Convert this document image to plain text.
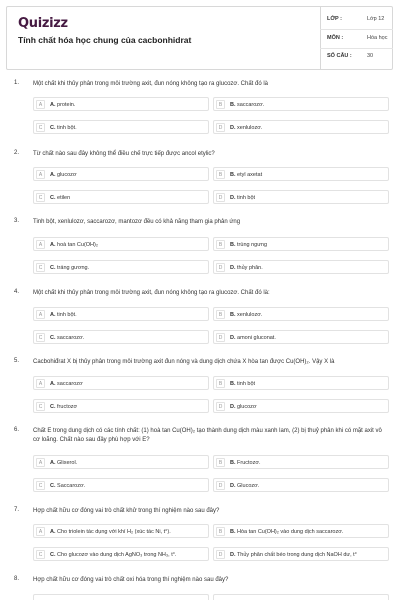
Quizizz
Tính chất hóa học chung của cacbonhidrat
LỚP :	Lớp 12
MÔN :	Hóa học
SỐ CÂU :	30
1. Một chất khi thủy phân trong môi trường axit, đun nóng không tạo ra glucozơ. Chất đó là
A	A. protein.	B	B. saccarozơ.
C	C. tinh bột.	D	D. xenlulozơ.
2. Từ chất nào sau đây không thể điều chế trực tiếp được ancol etylic?
A	A. glucozơ	B	B. etyl axetat
C	C. etilen	D	D. tinh bột
3. Tinh bột, xenlulozơ, saccarozơ, mantozơ đều có khả năng tham gia phản ứng
A	A. hoà tan Cu(OH)₂	B	B. trùng ngưng
C	C. tráng gương.	D	D. thủy phân.
4. Một chất khi thủy phân trong môi trường axit, đun nóng không tạo ra glucozơ. Chất đó là:
A	A. tinh bột.	B	B. xenlulozơ.
C	C. saccarozơ.	D	D. amoni gluconat.
5. Cacbohiđrat X bị thủy phân trong môi trường axit đun nóng và dung dịch chứa X hòa tan được Cu(OH)₂. Vậy X là
A	A. saccarozơ	B	B. tinh bột
C	C. fructozơ	D	D. glucozơ
6. Chất E trong dung dịch có các tính chất: (1) hoà tan Cu(OH)₂ tạo thành dung dịch màu xanh lam, (2) bị thuỷ phân khi có mặt axit vô cơ loãng. Chất nào sau đây phù hợp với E?
A	A. Glixerol.	B	B. Fructozơ.
C	C. Saccarozơ.	D	D. Glucozơ.
7. Hợp chất hữu cơ đóng vai trò chất khử trong thí nghiệm nào sau đây?
A	A. Cho triolein tác dụng với khí H₂ (xúc tác Ni, t°).	B	B. Hòa tan Cu(OH)₂ vào dung dịch saccarozơ.
C	C. Cho glucozơ vào dung dịch AgNO₃ trong NH₃, t°.	D	D. Thủy phân chất béo trong dung dịch NaOH dư, t°
8. Hợp chất hữu cơ đóng vai trò chất oxi hóa trong thí nghiệm nào sau đây?
